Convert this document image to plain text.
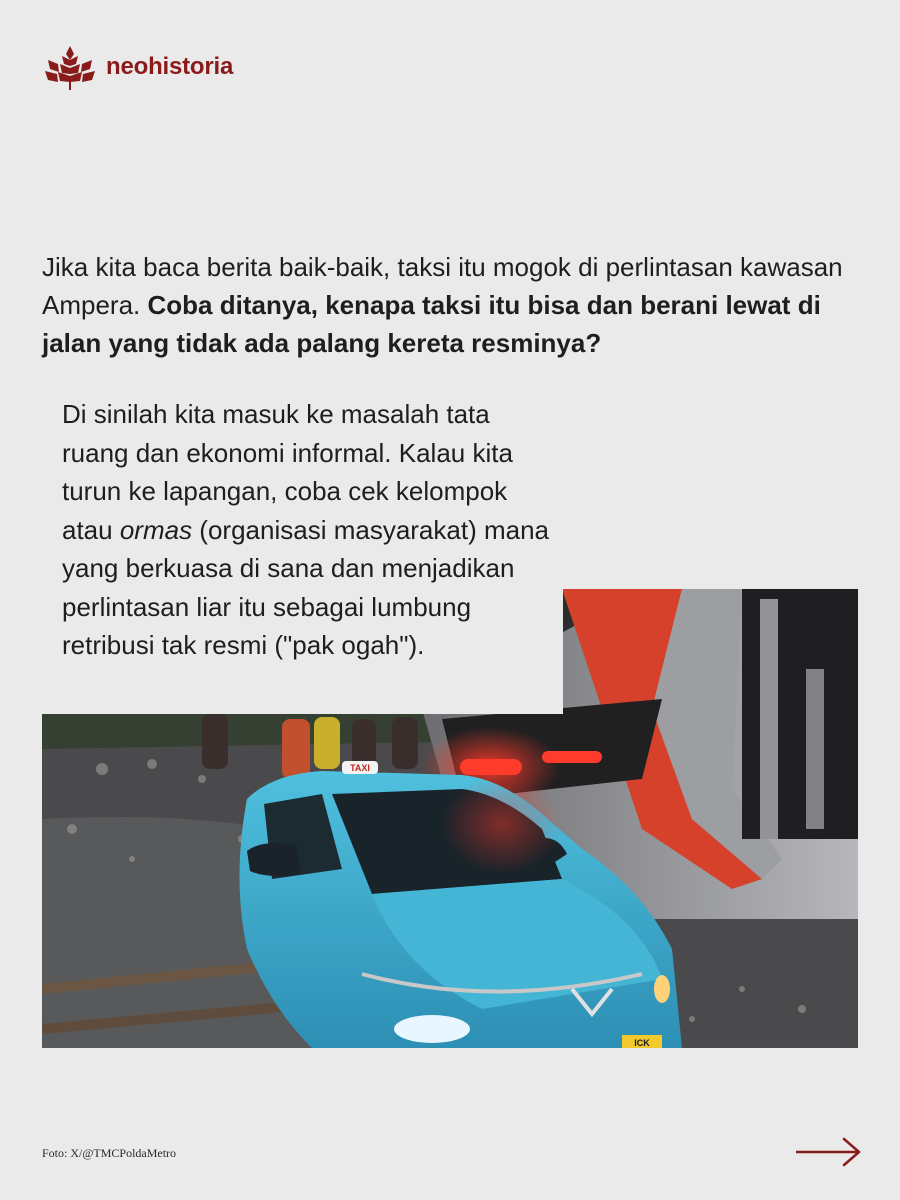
neohistoria

Jika kita baca berita baik-baik, taksi itu mogok di perlintasan kawasan Ampera. Coba ditanya, kenapa taksi itu bisa dan berani lewat di jalan yang tidak ada palang kereta resminya?

TAXI
ICK

Di sinilah kita masuk ke masalah tata ruang dan ekonomi informal. Kalau kita turun ke lapangan, coba cek kelompok atau ormas (organisasi masyarakat) mana yang berkuasa di sana dan menjadikan perlintasan liar itu sebagai lumbung retribusi tak resmi ("pak ogah").

Foto: X/@TMCPoldaMetro
